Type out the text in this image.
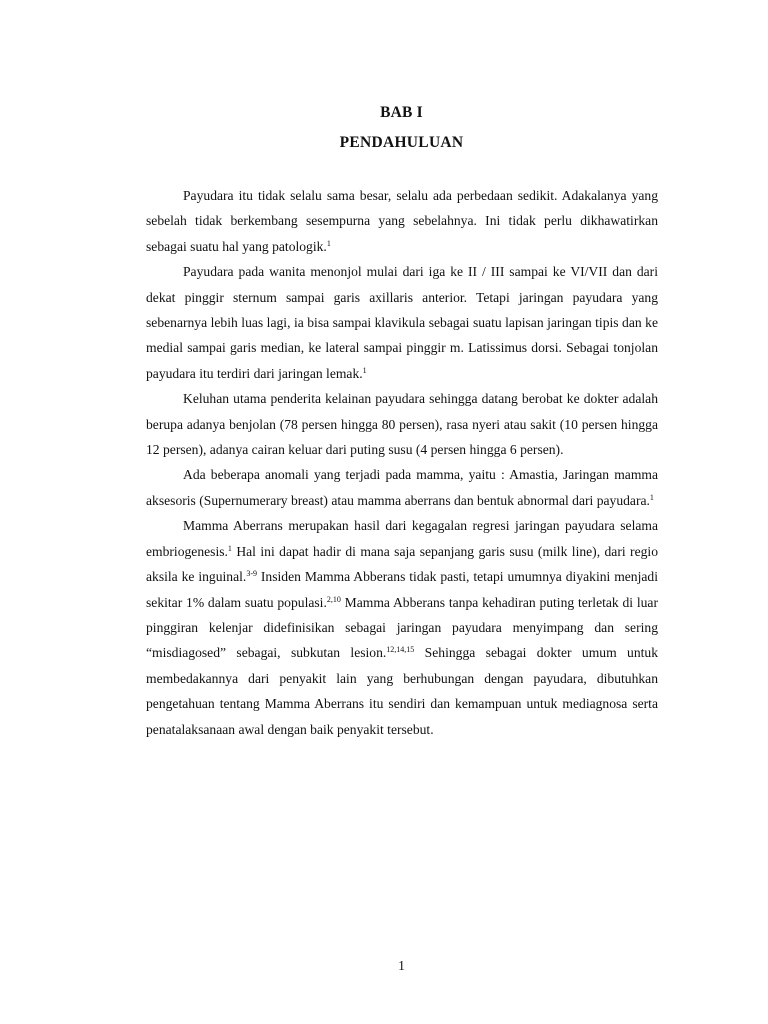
BAB I
PENDAHULUAN

Payudara itu tidak selalu sama besar, selalu ada perbedaan sedikit. Adakalanya yang sebelah tidak berkembang sesempurna yang sebelahnya. Ini tidak perlu dikhawatirkan sebagai suatu hal yang patologik.$^1$

Payudara pada wanita menonjol mulai dari iga ke II / III sampai ke VI/VII dan dari dekat pinggir sternum sampai garis axillaris anterior. Tetapi jaringan payudara yang sebenarnya lebih luas lagi, ia bisa sampai klavikula sebagai suatu lapisan jaringan tipis dan ke medial sampai garis median, ke lateral sampai pinggir m. Latissimus dorsi. Sebagai tonjolan payudara itu terdiri dari jaringan lemak.$^1$

Keluhan utama penderita kelainan payudara sehingga datang berobat ke dokter adalah berupa adanya benjolan (78 persen hingga 80 persen), rasa nyeri atau sakit (10 persen hingga 12 persen), adanya cairan keluar dari puting susu (4 persen hingga 6 persen).

Ada beberapa anomali yang terjadi pada mamma, yaitu : Amastia, Jaringan mamma aksesoris (Supernumerary breast) atau mamma aberrans dan bentuk abnormal dari payudara.$^1$

Mamma Aberrans merupakan hasil dari kegagalan regresi jaringan payudara selama embriogenesis.$^1$ Hal ini dapat hadir di mana saja sepanjang garis susu (milk line), dari regio aksila ke inguinal.$^{3-9}$ Insiden Mamma Abberans tidak pasti, tetapi umumnya diyakini menjadi sekitar 1% dalam suatu populasi.$^{2,10}$ Mamma Abberans tanpa kehadiran puting terletak di luar pinggiran kelenjar didefinisikan sebagai jaringan payudara menyimpang dan sering “misdiagosed” sebagai, subkutan lesion.$^{12,14,15}$ Sehingga sebagai dokter umum untuk membedakannya dari penyakit lain yang berhubungan dengan payudara, dibutuhkan pengetahuan tentang Mamma Aberrans itu sendiri dan kemampuan untuk mediagnosa serta penatalaksanaan awal dengan baik penyakit tersebut.

1
